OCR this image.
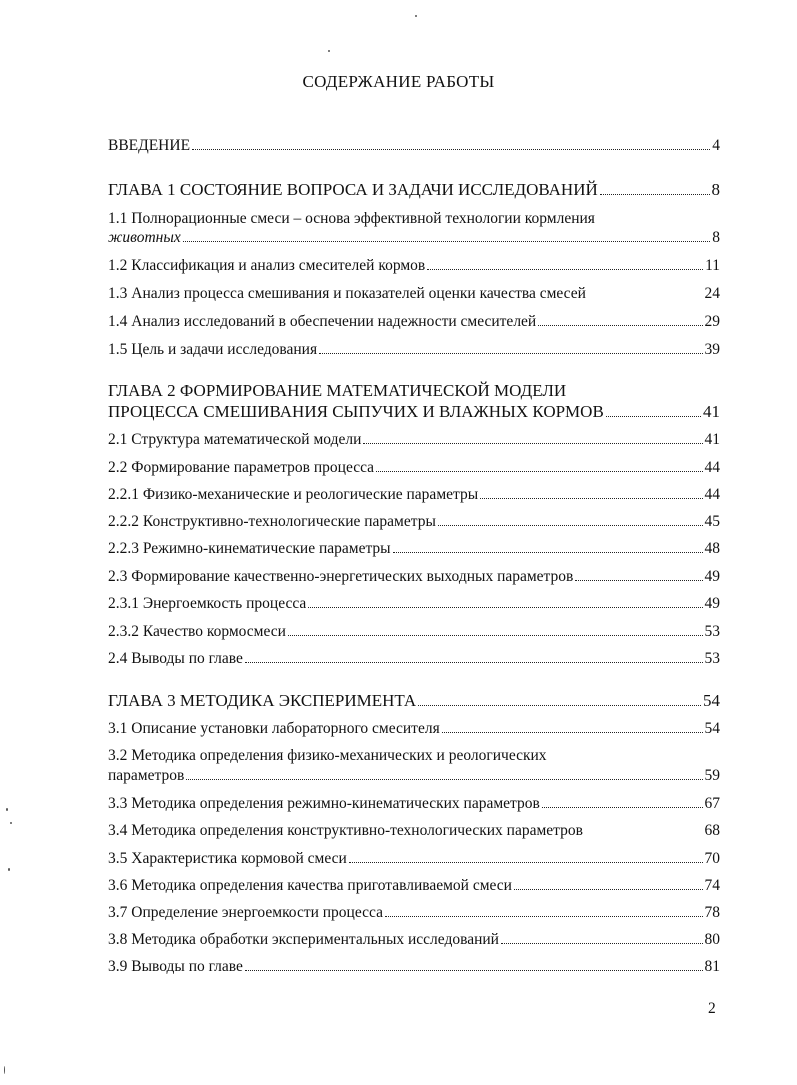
СОДЕРЖАНИЕ РАБОТЫ
ВВЕДЕНИЕ	4
ГЛАВА 1 СОСТОЯНИЕ ВОПРОСА И ЗАДАЧИ ИССЛЕДОВАНИЙ	8
1.1 Полнорационные смеси – основа эффективной технологии кормления
животных	8
1.2 Классификация и анализ смесителей кормов	11
1.3 Анализ процесса смешивания и показателей оценки качества смесей	24
1.4 Анализ исследований в обеспечении надежности смесителей	29
1.5 Цель и задачи исследования	39
ГЛАВА 2 ФОРМИРОВАНИЕ МАТЕМАТИЧЕСКОЙ МОДЕЛИ
ПРОЦЕССА СМЕШИВАНИЯ СЫПУЧИХ И ВЛАЖНЫХ КОРМОВ	41
2.1 Структура математической модели	41
2.2 Формирование параметров процесса	44
2.2.1 Физико-механические и реологические параметры	44
2.2.2 Конструктивно-технологические параметры	45
2.2.3 Режимно-кинематические параметры	48
2.3 Формирование качественно-энергетических выходных параметров	49
2.3.1 Энергоемкость процесса	49
2.3.2 Качество кормосмеси	53
2.4 Выводы по главе	53
ГЛАВА 3 МЕТОДИКА ЭКСПЕРИМЕНТА	54
3.1 Описание установки лабораторного смесителя	54
3.2 Методика определения физико-механических и реологических
параметров	59
3.3 Методика определения режимно-кинематических параметров	67
3.4 Методика определения конструктивно-технологических параметров	68
3.5 Характеристика кормовой смеси	70
3.6 Методика определения качества приготавливаемой смеси	74
3.7 Определение энергоемкости процесса	78
3.8 Методика обработки экспериментальных исследований	80
3.9 Выводы по главе	81
2
